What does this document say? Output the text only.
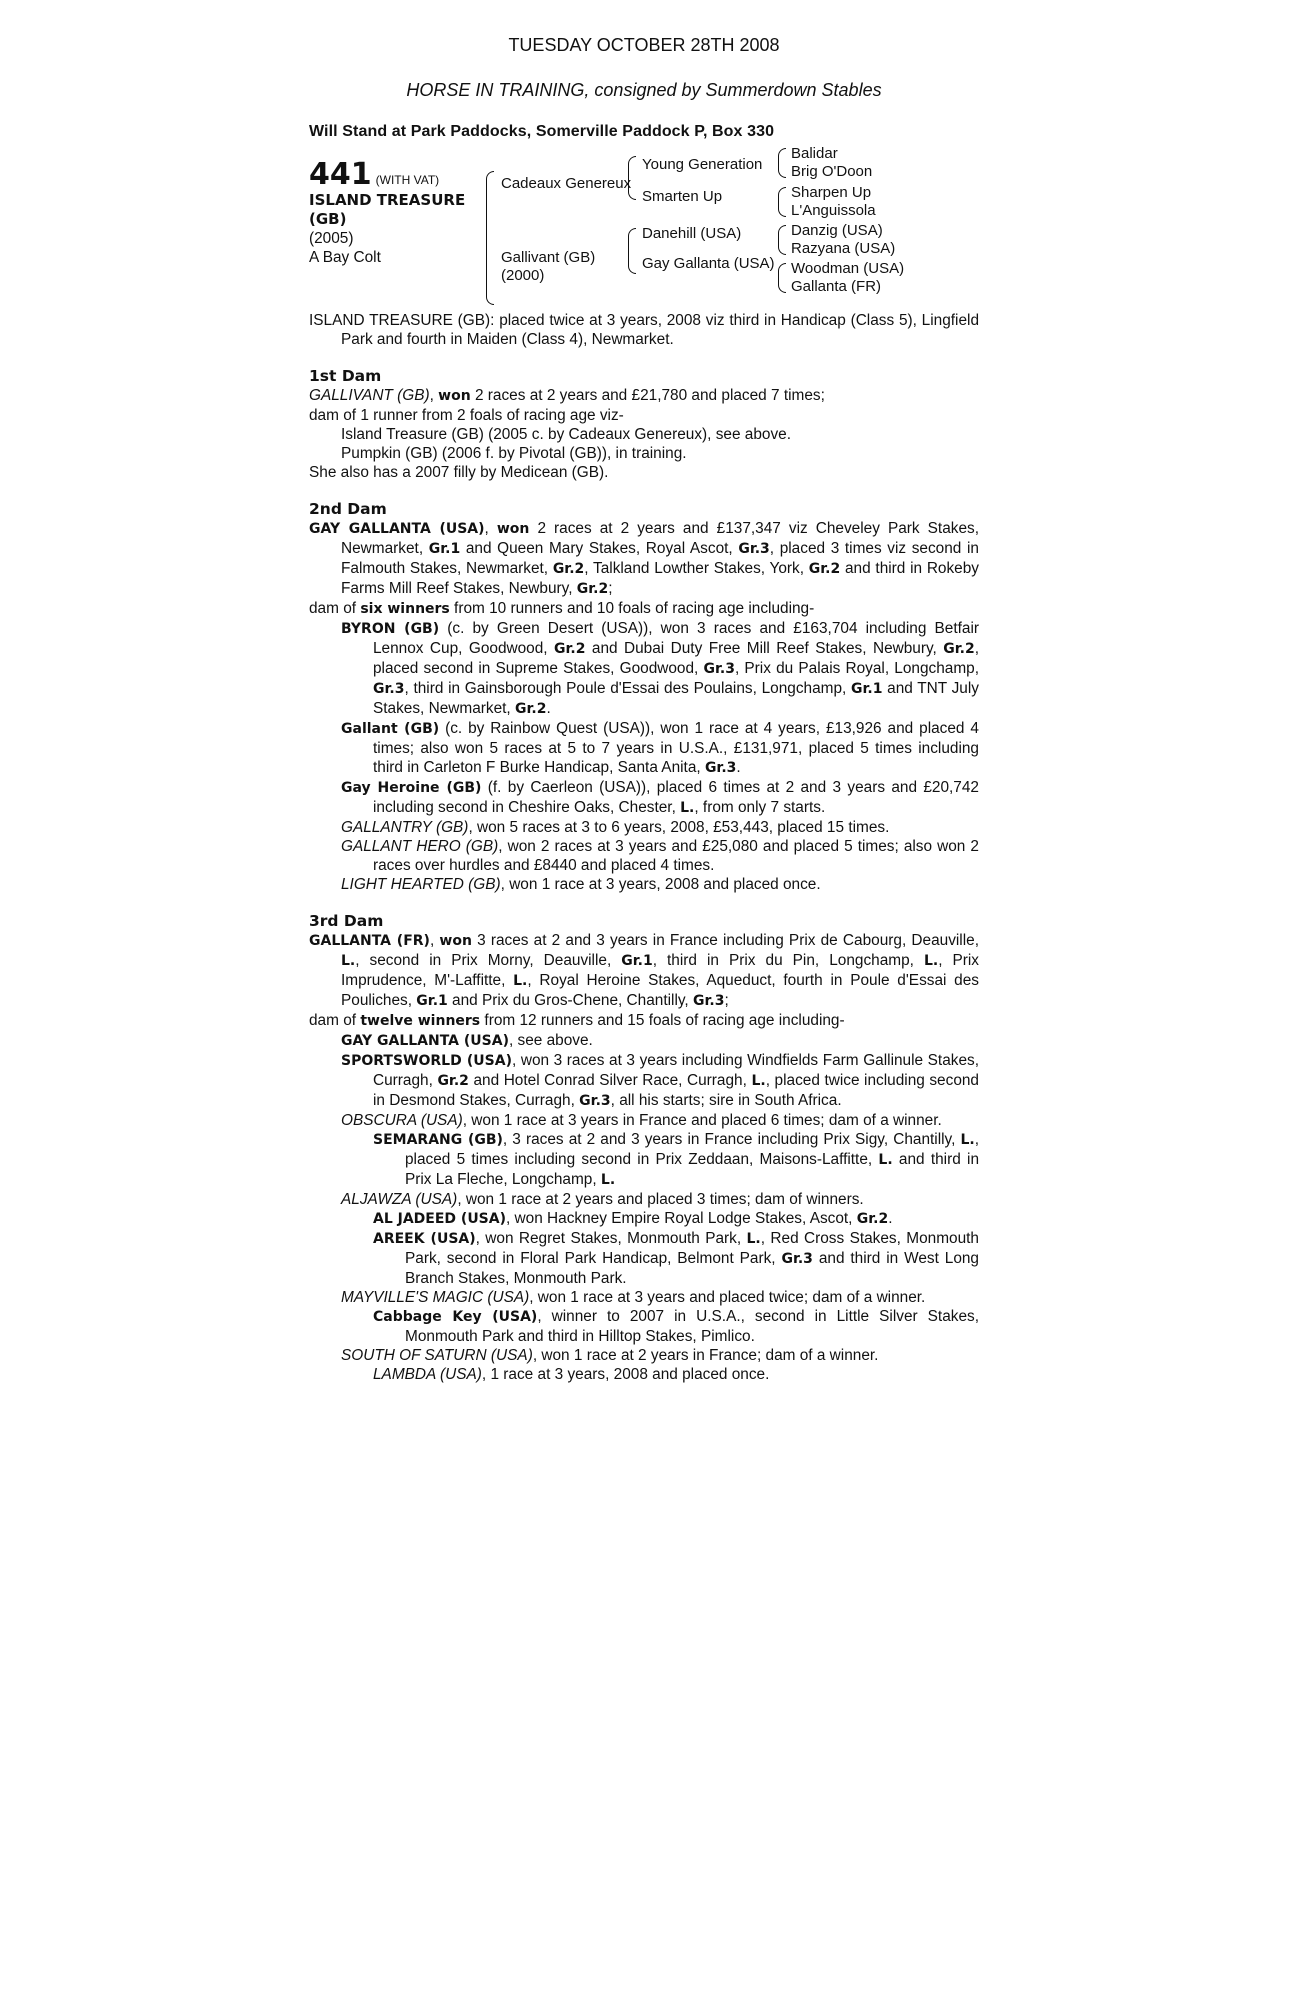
TUESDAY OCTOBER 28TH 2008
HORSE IN TRAINING, consigned by Summerdown Stables
Will Stand at Park Paddocks, Somerville Paddock P, Box 330
441 (WITH VAT)
ISLAND TREASURE
(GB)
(2005)
A Bay Colt
Cadeaux Genereux
Gallivant (GB)
(2000)
Young Generation
Smarten Up
Danehill (USA)
Gay Gallanta (USA)
Balidar
Brig O'Doon
Sharpen Up
L'Anguissola
Danzig (USA)
Razyana (USA)
Woodman (USA)
Gallanta (FR)
ISLAND TREASURE (GB): placed twice at 3 years, 2008 viz third in Handicap (Class 5), Lingfield Park and fourth in Maiden (Class 4), Newmarket.
1st Dam
GALLIVANT (GB), won 2 races at 2 years and £21,780 and placed 7 times;
dam of 1 runner from 2 foals of racing age viz-
Island Treasure (GB) (2005 c. by Cadeaux Genereux), see above.
Pumpkin (GB) (2006 f. by Pivotal (GB)), in training.
She also has a 2007 filly by Medicean (GB).
2nd Dam
GAY GALLANTA (USA), won 2 races at 2 years and £137,347 viz Cheveley Park Stakes, Newmarket, Gr.1 and Queen Mary Stakes, Royal Ascot, Gr.3, placed 3 times viz second in Falmouth Stakes, Newmarket, Gr.2, Talkland Lowther Stakes, York, Gr.2 and third in Rokeby Farms Mill Reef Stakes, Newbury, Gr.2;
dam of six winners from 10 runners and 10 foals of racing age including-
BYRON (GB) (c. by Green Desert (USA)), won 3 races and £163,704 including Betfair Lennox Cup, Goodwood, Gr.2 and Dubai Duty Free Mill Reef Stakes, Newbury, Gr.2, placed second in Supreme Stakes, Goodwood, Gr.3, Prix du Palais Royal, Longchamp, Gr.3, third in Gainsborough Poule d'Essai des Poulains, Longchamp, Gr.1 and TNT July Stakes, Newmarket, Gr.2.
Gallant (GB) (c. by Rainbow Quest (USA)), won 1 race at 4 years, £13,926 and placed 4 times; also won 5 races at 5 to 7 years in U.S.A., £131,971, placed 5 times including third in Carleton F Burke Handicap, Santa Anita, Gr.3.
Gay Heroine (GB) (f. by Caerleon (USA)), placed 6 times at 2 and 3 years and £20,742 including second in Cheshire Oaks, Chester, L., from only 7 starts.
GALLANTRY (GB), won 5 races at 3 to 6 years, 2008, £53,443, placed 15 times.
GALLANT HERO (GB), won 2 races at 3 years and £25,080 and placed 5 times; also won 2 races over hurdles and £8440 and placed 4 times.
LIGHT HEARTED (GB), won 1 race at 3 years, 2008 and placed once.
3rd Dam
GALLANTA (FR), won 3 races at 2 and 3 years in France including Prix de Cabourg, Deauville, L., second in Prix Morny, Deauville, Gr.1, third in Prix du Pin, Longchamp, L., Prix Imprudence, M'-Laffitte, L., Royal Heroine Stakes, Aqueduct, fourth in Poule d'Essai des Pouliches, Gr.1 and Prix du Gros-Chene, Chantilly, Gr.3;
dam of twelve winners from 12 runners and 15 foals of racing age including-
GAY GALLANTA (USA), see above.
SPORTSWORLD (USA), won 3 races at 3 years including Windfields Farm Gallinule Stakes, Curragh, Gr.2 and Hotel Conrad Silver Race, Curragh, L., placed twice including second in Desmond Stakes, Curragh, Gr.3, all his starts; sire in South Africa.
OBSCURA (USA), won 1 race at 3 years in France and placed 6 times; dam of a winner.
SEMARANG (GB), 3 races at 2 and 3 years in France including Prix Sigy, Chantilly, L., placed 5 times including second in Prix Zeddaan, Maisons-Laffitte, L. and third in Prix La Fleche, Longchamp, L.
ALJAWZA (USA), won 1 race at 2 years and placed 3 times; dam of winners.
AL JADEED (USA), won Hackney Empire Royal Lodge Stakes, Ascot, Gr.2.
AREEK (USA), won Regret Stakes, Monmouth Park, L., Red Cross Stakes, Monmouth Park, second in Floral Park Handicap, Belmont Park, Gr.3 and third in West Long Branch Stakes, Monmouth Park.
MAYVILLE'S MAGIC (USA), won 1 race at 3 years and placed twice; dam of a winner.
Cabbage Key (USA), winner to 2007 in U.S.A., second in Little Silver Stakes, Monmouth Park and third in Hilltop Stakes, Pimlico.
SOUTH OF SATURN (USA), won 1 race at 2 years in France; dam of a winner.
LAMBDA (USA), 1 race at 3 years, 2008 and placed once.
